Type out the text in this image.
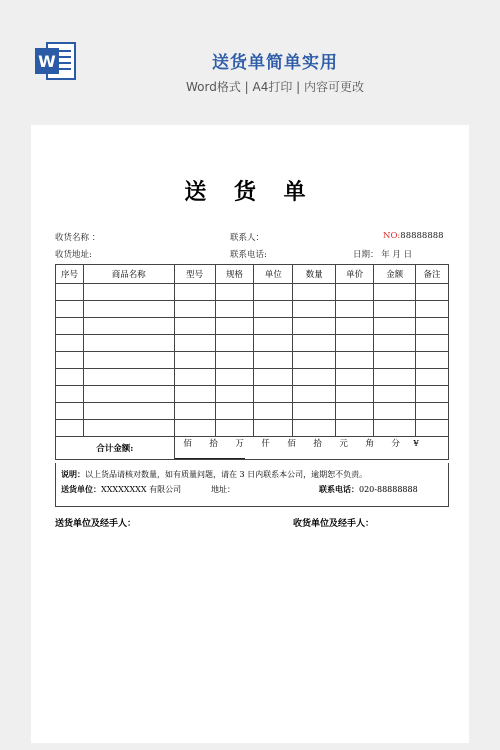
W	送货单简单实用
Word格式 | A4打印 | 内容可更改
送 货 单
收货名称 ：	联系人：	NO:88888888
收货地址:	联系电话:	日期： 年 月 日
序号	商品名称	型号	规格	单位	数量	单价	金额	备注

合计金额:		佰 拾 万 仟 佰 拾 元 角 分 ¥						
说明：以上货品请核对数量，如有质量问题，请在 3 日内联系本公司，逾期恕不负责。
送货单位：XXXXXXXX 有限公司	地址：	联系电话：020-88888888
送货单位及经手人：	收货单位及经手人：
